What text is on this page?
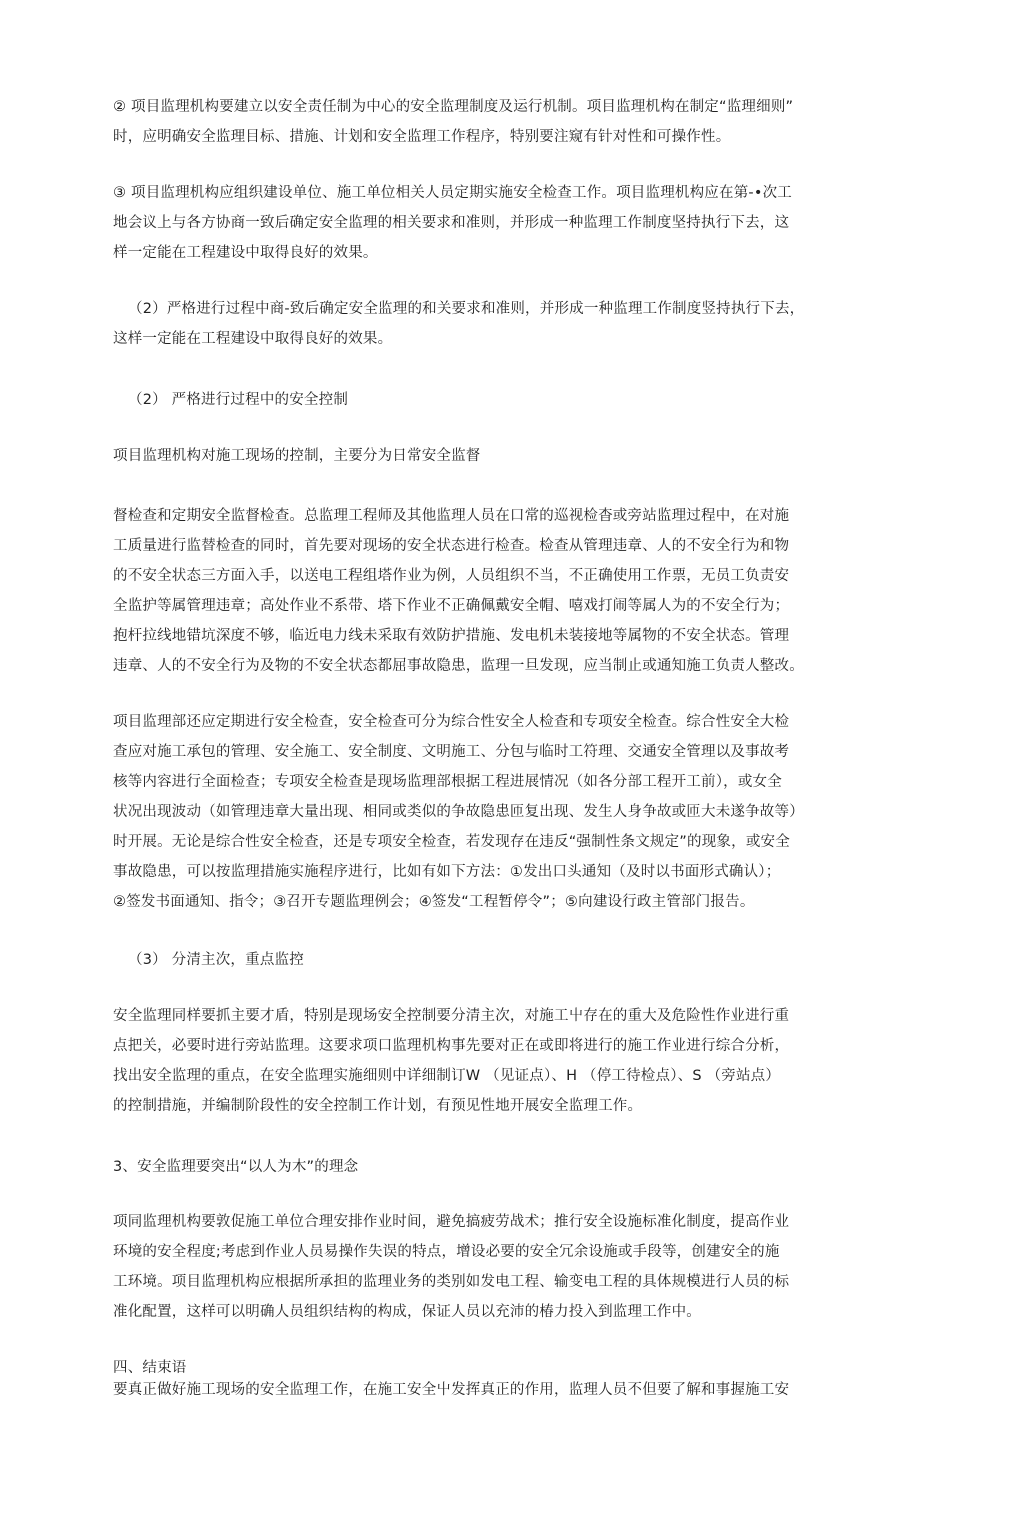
② 项目监理机构要建立以安全责任制为中心的安全监理制度及运行机制。项目监理机构在制定“监理细则”
时，应明确安全监理目标、措施、计划和安全监理工作程序，特别要注窥有针对性和可操作性。
③ 项目监理机构应组织建设单位、施工单位相关人员定期实施安全检查工作。项目监理机构应在第-•次工
地会议上与各方协商一致后确定安全监理的相关要求和准则，并形成一种监理工作制度坚持执行下去，这
样一定能在工程建设中取得良好的效果。
（2）严格进行过程中商-致后确定安全监理的和关要求和准则，并形成一种监理工作制度竖持执行下去，
这样一定能在工程建设中取得良好的效果。
（2） 严格进行过程中的安全控制
项目监理机构对施工现场的控制，主要分为日常安全监督
督检查和定期安全监督检查。总监理工程师及其他监理人员在口常的巡视检杳或旁站监理过程中，在对施
工质量进行监替检查的同时，首先要对现场的安全状态进行检查。检查从管理违章、人的不安全行为和物
的不安全状态三方面入手，以送电工程组塔作业为例，人员组织不当，不正确使用工作票，无员工负责安
全监护等属管理违章；高处作业不系带、塔下作业不正确佩戴安全帽、嘻戏打闹等属人为的不安全行为；
抱杆拉线地错坑深度不够，临近电力线未采取有效防护措施、发电机未装接地等属物的不安全状态。管理
违章、人的不安全行为及物的不安全状态都屈事故隐患，监理一旦发现，应当制止或通知施工负责人整改。
项目监理部还应定期进行安全检查，安全检查可分为综合性安全人检查和专项安全检查。综合性安全大检
查应对施工承包的管理、安全施工、安全制度、文明施工、分包与临时工符理、交通安全管理以及事故考
核等内容进行全面检查；专项安全检查是现场监理部根据工程进展情况（如各分部工程开工前），或女全
状况出现波动（如管理违章大量出现、相同或类似的争故隐患匝复出现、发生人身争故或匝大未遂争故等）
时开展。无论是综合性安全检查，还是专项安全检查，若发现存在违反“强制性条文规定”的现象，或安全
事故隐患，可以按监理措施实施程序进行，比如有如下方法：①发出口头通知（及时以书面形式确认）；
②签发书面通知、指令；③召开专题监理例会；④签发“工程暂停令”；⑤向建设行政主管部门报告。
（3） 分清主次，重点监控
安全监理同样要抓主要才盾，特别是现场安全控制要分清主次，对施工屮存在的重大及危险性作业进行重
点把关，必要时进行旁站监理。这要求项口监理机构事先要对正在或即将进行的施工作业进行综合分析，
找出安全监理的重点，在安全监理实施细则中详细制订W （见证点）、H （停工待检点）、S （旁站点）
的控制措施，并编制阶段性的安全控制工作计划，有预见性地开展安全监理工作。
3、安全监理要突出“以人为木”的理念
项同监理机构要敦促施工单位合理安排作业时间，避免搞疲劳战术；推行安全设施标准化制度，提高作业
环境的安全程度;考虑到作业人员易操作失误的特点，增设必要的安全冗余设施或手段等，创建安全的施
工环境。项目监理机构应根据所承担的监理业务的类别如发电工程、输变电工程的具体规模进行人员的标
准化配置，这样可以明确人员组织结构的构成，保证人员以充沛的椿力投入到监理工作中。
四、结束语
要真正做好施工现场的安全监理工作，在施工安全屮发挥真正的作用，监理人员不但要了解和事握施工安
